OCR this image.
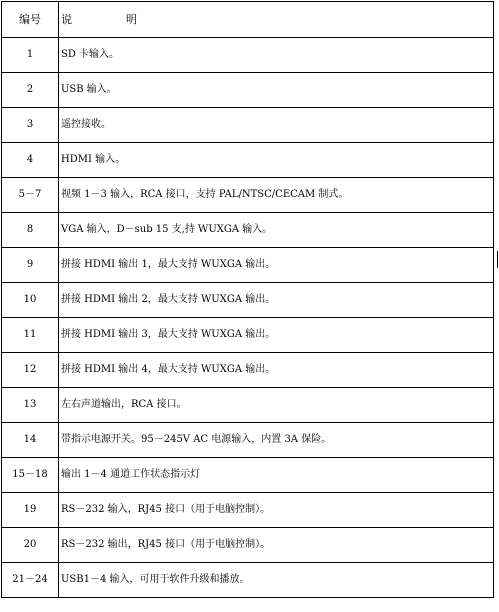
编号	说 明
1	SD 卡输入。
2	USB 输入。
3	遥控接收。
4	HDMI 输入。
5－7	视频 1－3 输入，RCA 接口，支持 PAL/NTSC/CECAM 制式。
8	VGA 输入，D－sub 15 支,持 WUXGA 输入。
9	拼接 HDMI 输出 1，最大支持 WUXGA 输出。
10	拼接 HDMI 输出 2，最大支持 WUXGA 输出。
11	拼接 HDMI 输出 3，最大支持 WUXGA 输出。
12	拼接 HDMI 输出 4，最大支持 WUXGA 输出。
13	左右声道输出，RCA 接口。
14	带指示电源开关。95－245V AC 电源输入，内置 3A 保险。
15－18	输出 1－4 通道工作状态指示灯
19	RS－232 输入，RJ45 接口（用于电脑控制）。
20	RS－232 输出，RJ45 接口（用于电脑控制）。
21－24	USB1－4 输入，可用于软件升级和播放。
